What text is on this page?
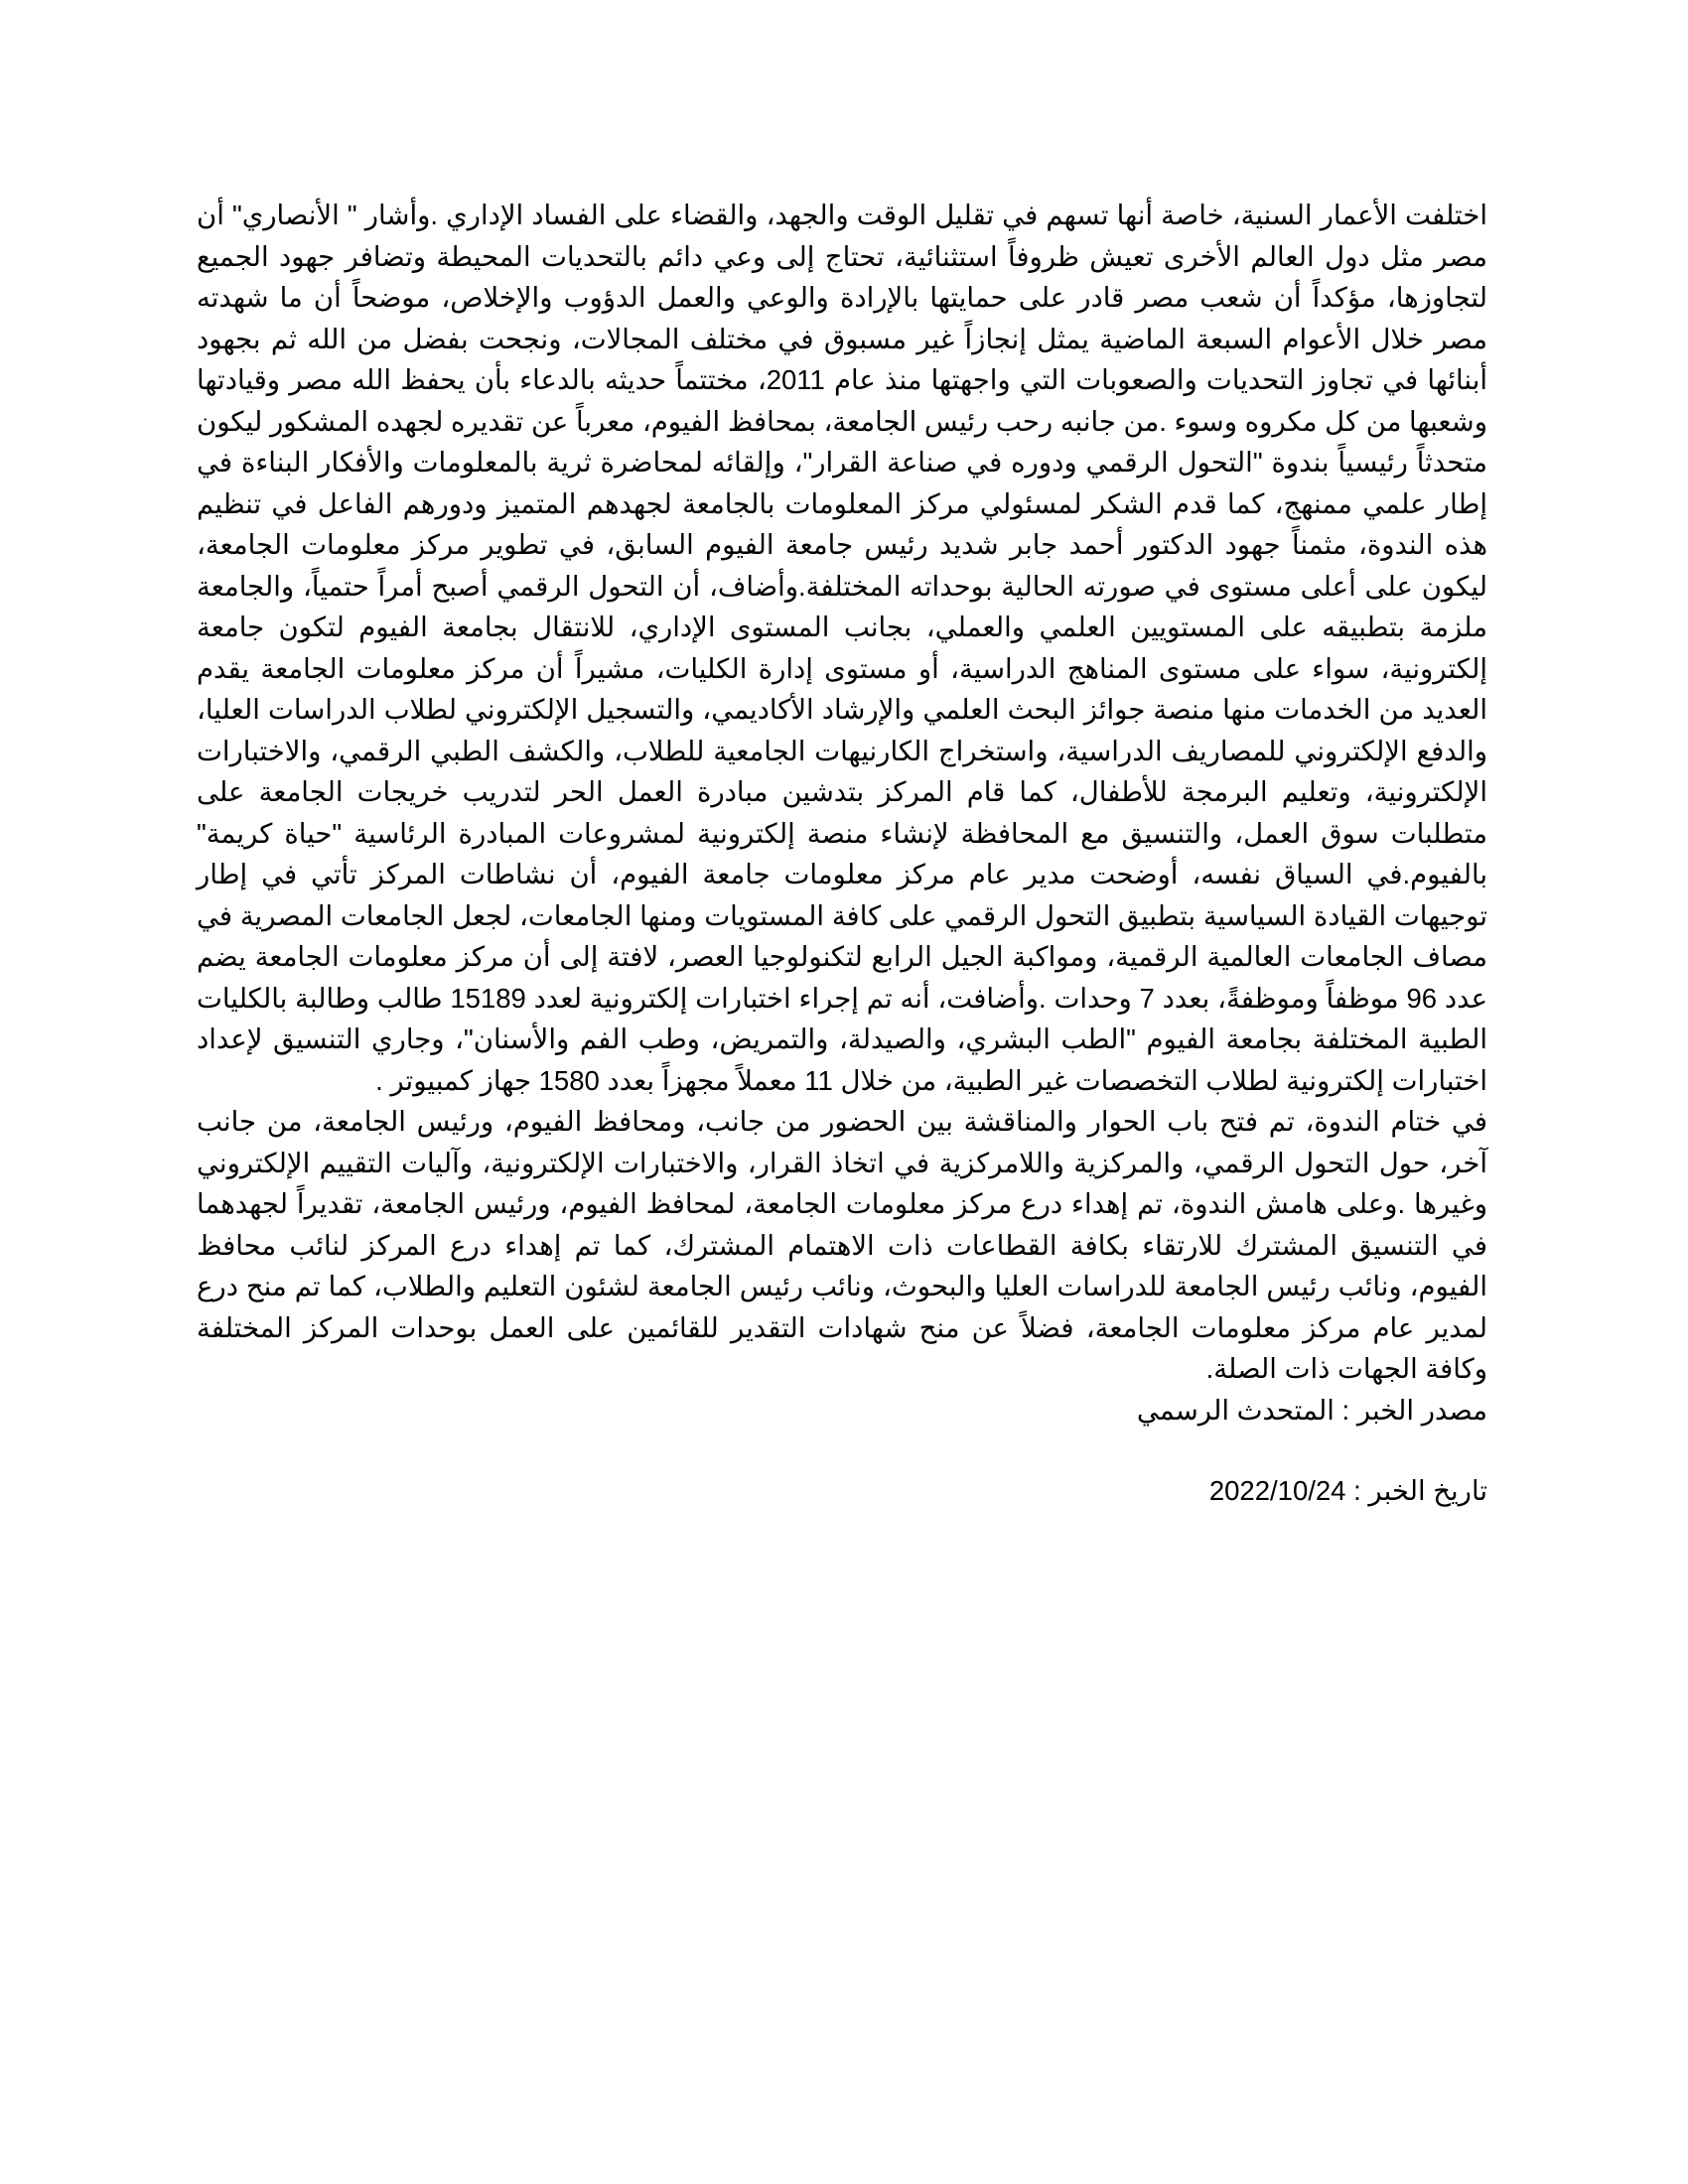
اختلفت الأعمار السنية، خاصة أنها تسهم في تقليل الوقت والجهد، والقضاء على الفساد الإداري .وأشار " الأنصاري" أن مصر مثل دول العالم الأخرى تعيش ظروفاً استثنائية، تحتاج إلى وعي دائم بالتحديات المحيطة وتضافر جهود الجميع لتجاوزها، مؤكداً أن شعب مصر قادر على حمايتها بالإرادة والوعي والعمل الدؤوب والإخلاص، موضحاً أن ما شهدته مصر خلال الأعوام السبعة الماضية يمثل إنجازاً غير مسبوق في مختلف المجالات، ونجحت بفضل من الله ثم بجهود أبنائها في تجاوز التحديات والصعوبات التي واجهتها منذ عام 2011، مختتماً حديثه بالدعاء بأن يحفظ الله مصر وقيادتها وشعبها من كل مكروه وسوء .من جانبه رحب رئيس الجامعة، بمحافظ الفيوم، معرباً عن تقديره لجهده المشكور ليكون متحدثاً رئيسياً بندوة "التحول الرقمي ودوره في صناعة القرار"، وإلقائه لمحاضرة ثرية بالمعلومات والأفكار البناءة في إطار علمي ممنهج، كما قدم الشكر لمسئولي مركز المعلومات بالجامعة لجهدهم المتميز ودورهم الفاعل في تنظيم هذه الندوة، مثمناً جهود الدكتور أحمد جابر شديد رئيس جامعة الفيوم السابق، في تطوير مركز معلومات الجامعة، ليكون على أعلى مستوى في صورته الحالية بوحداته المختلفة.وأضاف، أن التحول الرقمي أصبح أمراً حتمياً، والجامعة ملزمة بتطبيقه على المستويين العلمي والعملي، بجانب المستوى الإداري، للانتقال بجامعة الفيوم لتكون جامعة إلكترونية، سواء على مستوى المناهج الدراسية، أو مستوى إدارة الكليات، مشيراً أن مركز معلومات الجامعة يقدم العديد من الخدمات منها منصة جوائز البحث العلمي والإرشاد الأكاديمي، والتسجيل الإلكتروني لطلاب الدراسات العليا، والدفع الإلكتروني للمصاريف الدراسية، واستخراج الكارنيهات الجامعية للطلاب، والكشف الطبي الرقمي، والاختبارات الإلكترونية، وتعليم البرمجة للأطفال، كما قام المركز بتدشين مبادرة العمل الحر لتدريب خريجات الجامعة على متطلبات سوق العمل، والتنسيق مع المحافظة لإنشاء منصة إلكترونية لمشروعات المبادرة الرئاسية "حياة كريمة" بالفيوم.في السياق نفسه، أوضحت مدير عام مركز معلومات جامعة الفيوم، أن نشاطات المركز تأتي في إطار توجيهات القيادة السياسية بتطبيق التحول الرقمي على كافة المستويات ومنها الجامعات، لجعل الجامعات المصرية في مصاف الجامعات العالمية الرقمية، ومواكبة الجيل الرابع لتكنولوجيا العصر، لافتة إلى أن مركز معلومات الجامعة يضم عدد 96 موظفاً وموظفةً، بعدد 7 وحدات .وأضافت، أنه تم إجراء اختبارات إلكترونية لعدد 15189 طالب وطالبة بالكليات الطبية المختلفة بجامعة الفيوم "الطب البشري، والصيدلة، والتمريض، وطب الفم والأسنان"، وجاري التنسيق لإعداد اختبارات إلكترونية لطلاب التخصصات غير الطبية، من خلال 11 معملاً مجهزاً بعدد 1580 جهاز كمبيوتر .

في ختام الندوة، تم فتح باب الحوار والمناقشة بين الحضور من جانب، ومحافظ الفيوم، ورئيس الجامعة، من جانب آخر، حول التحول الرقمي، والمركزية واللامركزية في اتخاذ القرار، والاختبارات الإلكترونية، وآليات التقييم الإلكتروني وغيرها .وعلى هامش الندوة، تم إهداء درع مركز معلومات الجامعة، لمحافظ الفيوم، ورئيس الجامعة، تقديراً لجهدهما في التنسيق المشترك للارتقاء بكافة القطاعات ذات الاهتمام المشترك، كما تم إهداء درع المركز لنائب محافظ الفيوم، ونائب رئيس الجامعة للدراسات العليا والبحوث، ونائب رئيس الجامعة لشئون التعليم والطلاب، كما تم منح درع لمدير عام مركز معلومات الجامعة، فضلاً عن منح شهادات التقدير للقائمين على العمل بوحدات المركز المختلفة وكافة الجهات ذات الصلة.

مصدر الخبر : المتحدث الرسمي

تاريخ الخبر : 2022/10/24
